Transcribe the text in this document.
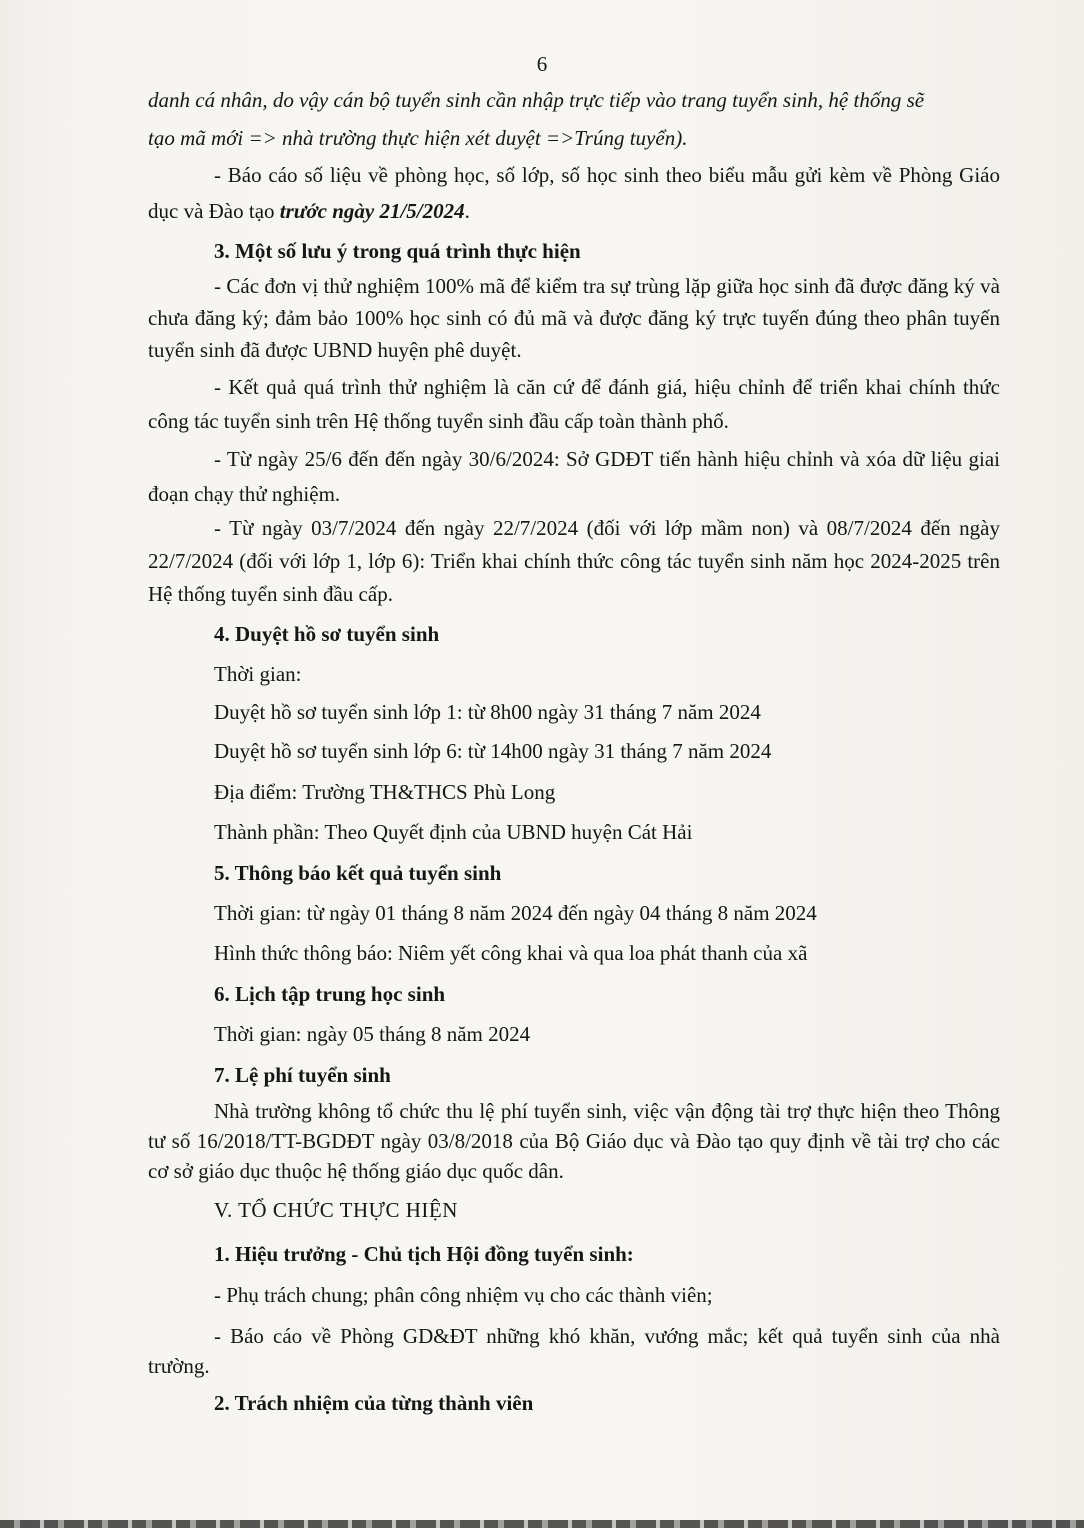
6
danh cá nhân, do vậy cán bộ tuyển sinh cần nhập trực tiếp vào trang tuyển sinh, hệ thống sẽ
tạo mã mới => nhà trường thực hiện xét duyệt =>Trúng tuyển).
- Báo cáo số liệu về phòng học, số lớp, số học sinh theo biểu mẫu gửi kèm về Phòng Giáo dục và Đào tạo trước ngày 21/5/2024.
3. Một số lưu ý trong quá trình thực hiện
- Các đơn vị thử nghiệm 100% mã để kiểm tra sự trùng lặp giữa học sinh đã được đăng ký và chưa đăng ký; đảm bảo 100% học sinh có đủ mã và được đăng ký trực tuyến đúng theo phân tuyến tuyển sinh đã được UBND huyện phê duyệt.
- Kết quả quá trình thử nghiệm là căn cứ để đánh giá, hiệu chỉnh để triển khai chính thức công tác tuyển sinh trên Hệ thống tuyển sinh đầu cấp toàn thành phố.
- Từ ngày 25/6 đến đến ngày 30/6/2024: Sở GDĐT tiến hành hiệu chỉnh và xóa dữ liệu giai đoạn chạy thử nghiệm.
- Từ ngày 03/7/2024 đến ngày 22/7/2024 (đối với lớp mầm non) và 08/7/2024 đến ngày 22/7/2024 (đối với lớp 1, lớp 6): Triển khai chính thức công tác tuyển sinh năm học 2024-2025 trên Hệ thống tuyển sinh đầu cấp.
4. Duyệt hồ sơ tuyển sinh
Thời gian:
Duyệt hồ sơ tuyển sinh lớp 1: từ 8h00 ngày 31 tháng 7 năm 2024
Duyệt hồ sơ tuyển sinh lớp 6: từ 14h00 ngày 31 tháng 7 năm 2024
Địa điểm: Trường TH&THCS Phù Long
Thành phần: Theo Quyết định của UBND huyện Cát Hải
5. Thông báo kết quả tuyển sinh
Thời gian: từ ngày 01 tháng 8 năm 2024 đến ngày 04 tháng 8 năm 2024
Hình thức thông báo: Niêm yết công khai và qua loa phát thanh của xã
6. Lịch tập trung học sinh
Thời gian: ngày 05 tháng 8 năm 2024
7. Lệ phí tuyển sinh
Nhà trường không tổ chức thu lệ phí tuyển sinh, việc vận động tài trợ thực hiện theo Thông tư số 16/2018/TT-BGDĐT ngày 03/8/2018 của Bộ Giáo dục và Đào tạo quy định về tài trợ cho các cơ sở giáo dục thuộc hệ thống giáo dục quốc dân.
V. TỔ CHỨC THỰC HIỆN
1. Hiệu trưởng - Chủ tịch Hội đồng tuyển sinh:
- Phụ trách chung; phân công nhiệm vụ cho các thành viên;
- Báo cáo về Phòng GD&ĐT những khó khăn, vướng mắc; kết quả tuyển sinh của nhà trường.
2. Trách nhiệm của từng thành viên
